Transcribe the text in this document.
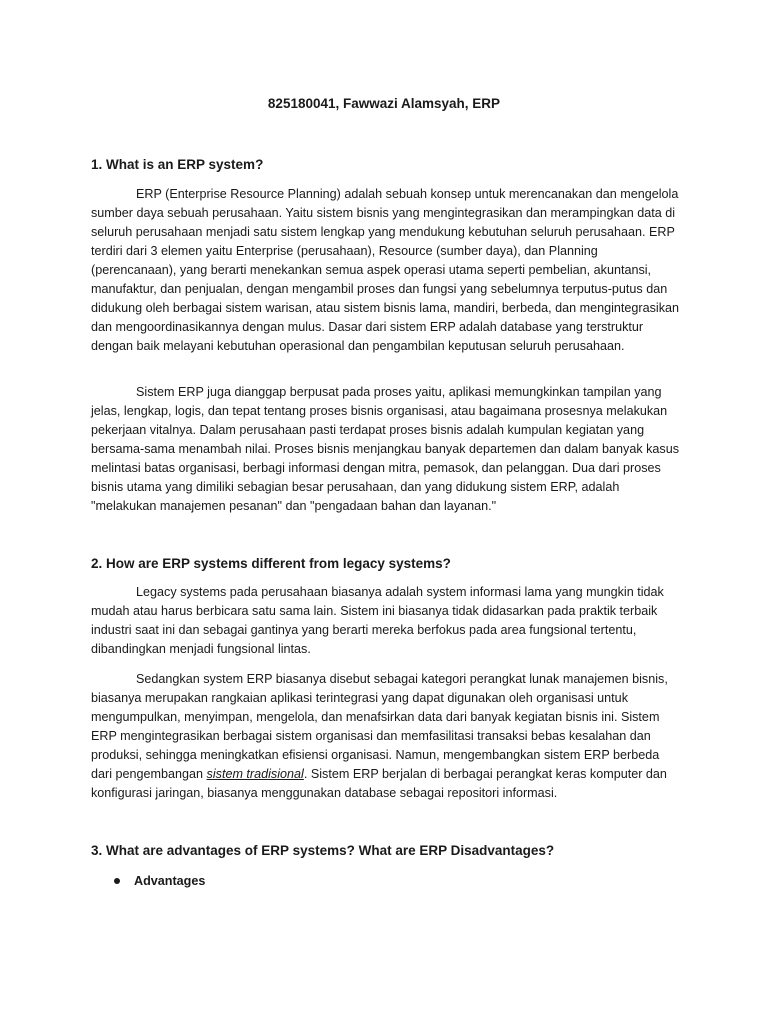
825180041, Fawwazi Alamsyah, ERP
1. What is an ERP system?

ERP (Enterprise Resource Planning) adalah sebuah konsep untuk merencanakan dan mengelola sumber daya sebuah perusahaan. Yaitu sistem bisnis yang mengintegrasikan dan merampingkan data di seluruh perusahaan menjadi satu sistem lengkap yang mendukung kebutuhan seluruh perusahaan. ERP terdiri dari 3 elemen yaitu Enterprise (perusahaan), Resource (sumber daya), dan Planning (perencanaan), yang berarti menekankan semua aspek operasi utama seperti pembelian, akuntansi, manufaktur, dan penjualan, dengan mengambil proses dan fungsi yang sebelumnya terputus-putus dan didukung oleh berbagai sistem warisan, atau sistem bisnis lama, mandiri, berbeda, dan mengintegrasikan dan mengoordinasikannya dengan mulus. Dasar dari sistem ERP adalah database yang terstruktur dengan baik melayani kebutuhan operasional dan pengambilan keputusan seluruh perusahaan.

Sistem ERP juga dianggap berpusat pada proses yaitu, aplikasi memungkinkan tampilan yang jelas, lengkap, logis, dan tepat tentang proses bisnis organisasi, atau bagaimana prosesnya melakukan pekerjaan vitalnya. Dalam perusahaan pasti terdapat proses bisnis adalah kumpulan kegiatan yang bersama-sama menambah nilai. Proses bisnis menjangkau banyak departemen dan dalam banyak kasus melintasi batas organisasi, berbagi informasi dengan mitra, pemasok, dan pelanggan. Dua dari proses bisnis utama yang dimiliki sebagian besar perusahaan, dan yang didukung sistem ERP, adalah "melakukan manajemen pesanan" dan "pengadaan bahan dan layanan."

2. How are ERP systems different from legacy systems?

Legacy systems pada perusahaan biasanya adalah system informasi lama yang mungkin tidak mudah atau harus berbicara satu sama lain. Sistem ini biasanya tidak didasarkan pada praktik terbaik industri saat ini dan sebagai gantinya yang berarti mereka berfokus pada area fungsional tertentu, dibandingkan menjadi fungsional lintas.

Sedangkan system ERP biasanya disebut sebagai kategori perangkat lunak manajemen bisnis, biasanya merupakan rangkaian aplikasi terintegrasi yang dapat digunakan oleh organisasi untuk mengumpulkan, menyimpan, mengelola, dan menafsirkan data dari banyak kegiatan bisnis ini. Sistem ERP mengintegrasikan berbagai sistem organisasi dan memfasilitasi transaksi bebas kesalahan dan produksi, sehingga meningkatkan efisiensi organisasi. Namun, mengembangkan sistem ERP berbeda dari pengembangan sistem tradisional. Sistem ERP berjalan di berbagai perangkat keras komputer dan konfigurasi jaringan, biasanya menggunakan database sebagai repositori informasi.

3. What are advantages of ERP systems? What are ERP Disadvantages?
Advantages
